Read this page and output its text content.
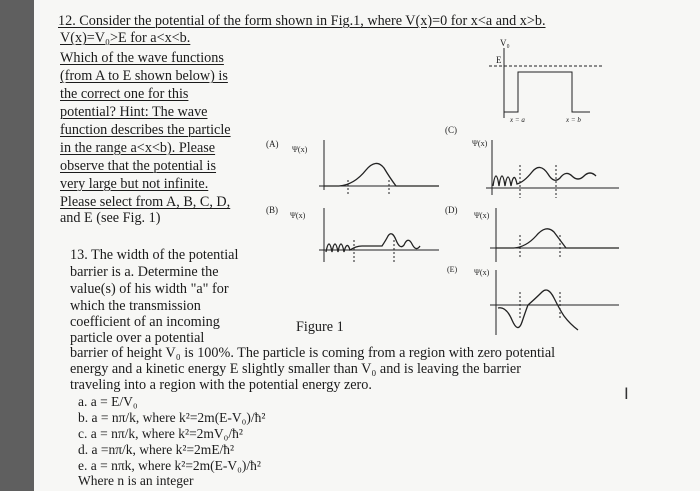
12. Consider the potential of the form shown in Fig.1, where V(x)=0 for x<a and x>b.
V(x)=V₀>E for a<x<b.
Which of the wave functions
(from A to E shown below) is
the correct one for this
potential? Hint: The wave
function describes the particle
in the range a<x<b). Please
observe that the potential is
very large but not infinite.
Please select from A, B, C, D,
and E (see Fig. 1)
13. The width of the potential
barrier is a. Determine the
value(s) of his width "a" for
which the transmission
coefficient of an incoming
particle over a potential
barrier of height V₀ is 100%. The particle is coming from a region with zero potential
energy and a kinetic energy E slightly smaller than V₀ and is leaving the barrier
traveling into a region with the potential energy zero.
a. a = E/V₀
b. a = nπ/k, where k²=2m(E-V₀)/ħ²
c. a = nπ/k, where k²=2mV₀/ħ²
d. a =nπ/k, where k²=2mE/ħ²
e. a = nπk, where k²=2m(E-V₀)/ħ²
Where n is an integer
V₀
E
x = a	x = b
(A)
Ψ(x)
(B)
Ψ(x)
(C)
Ψ(x)
(D)
Ψ(x)
(E) Ψ(x)
Figure 1
I
